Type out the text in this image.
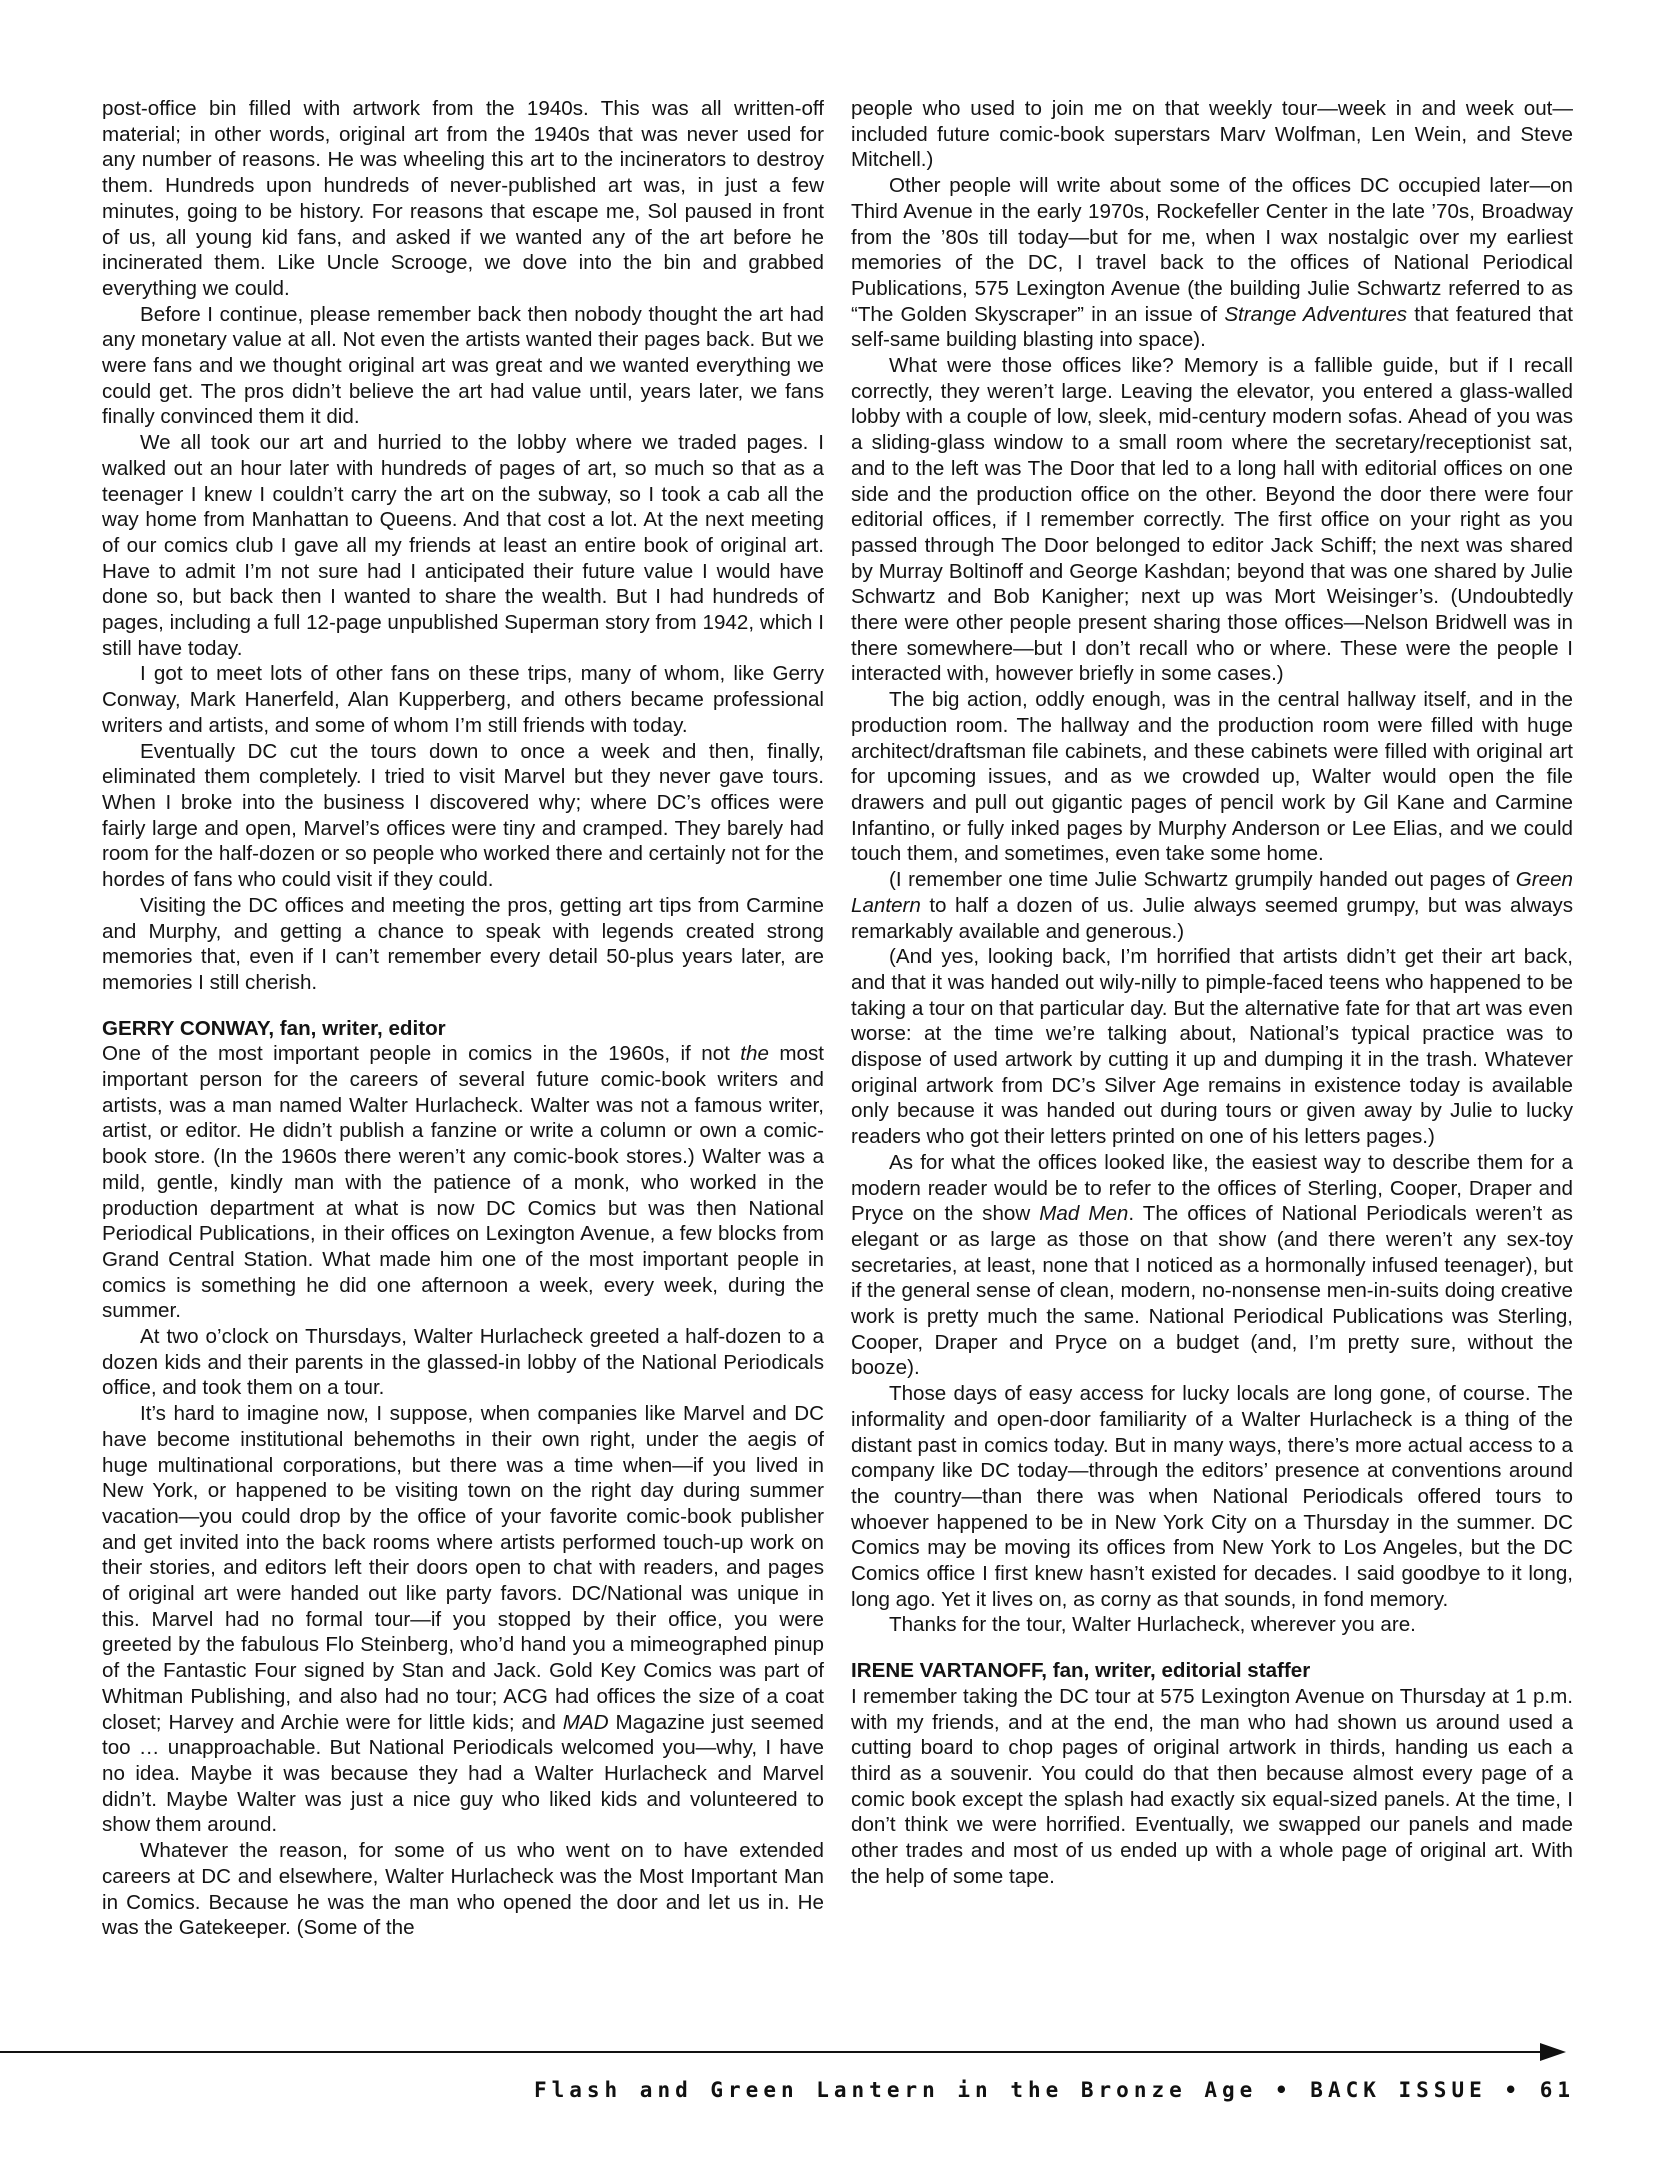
post-office bin filled with artwork from the 1940s. This was all written-off material; in other words, original art from the 1940s that was never used for any number of reasons. He was wheeling this art to the incinerators to destroy them. Hundreds upon hundreds of never-published art was, in just a few minutes, going to be history. For reasons that escape me, Sol paused in front of us, all young kid fans, and asked if we wanted any of the art before he incinerated them. Like Uncle Scrooge, we dove into the bin and grabbed everything we could.

Before I continue, please remember back then nobody thought the art had any monetary value at all. Not even the artists wanted their pages back. But we were fans and we thought original art was great and we wanted everything we could get. The pros didn’t believe the art had value until, years later, we fans finally convinced them it did.

We all took our art and hurried to the lobby where we traded pages. I walked out an hour later with hundreds of pages of art, so much so that as a teenager I knew I couldn’t carry the art on the subway, so I took a cab all the way home from Manhattan to Queens. And that cost a lot. At the next meeting of our comics club I gave all my friends at least an entire book of original art. Have to admit I’m not sure had I anticipated their future value I would have done so, but back then I wanted to share the wealth. But I had hundreds of pages, including a full 12-page unpublished Superman story from 1942, which I still have today.

I got to meet lots of other fans on these trips, many of whom, like Gerry Conway, Mark Hanerfeld, Alan Kupperberg, and others became professional writers and artists, and some of whom I’m still friends with today.

Eventually DC cut the tours down to once a week and then, finally, eliminated them completely. I tried to visit Marvel but they never gave tours. When I broke into the business I discovered why; where DC’s offices were fairly large and open, Marvel’s offices were tiny and cramped. They barely had room for the half-dozen or so people who worked there and certainly not for the hordes of fans who could visit if they could.

Visiting the DC offices and meeting the pros, getting art tips from Carmine and Murphy, and getting a chance to speak with legends created strong memories that, even if I can’t remember every detail 50-plus years later, are memories I still cherish.

GERRY CONWAY, fan, writer, editor

One of the most important people in comics in the 1960s, if not the most important person for the careers of several future comic-book writers and artists, was a man named Walter Hurlacheck. Walter was not a famous writer, artist, or editor. He didn’t publish a fanzine or write a column or own a comic-book store. (In the 1960s there weren’t any comic-book stores.) Walter was a mild, gentle, kindly man with the patience of a monk, who worked in the production department at what is now DC Comics but was then National Periodical Publications, in their offices on Lexington Avenue, a few blocks from Grand Central Station. What made him one of the most important people in comics is something he did one afternoon a week, every week, during the summer.

At two o’clock on Thursdays, Walter Hurlacheck greeted a half-dozen to a dozen kids and their parents in the glassed-in lobby of the National Periodicals office, and took them on a tour.

It’s hard to imagine now, I suppose, when companies like Marvel and DC have become institutional behemoths in their own right, under the aegis of huge multinational corporations, but there was a time when—if you lived in New York, or happened to be visiting town on the right day during summer vacation—you could drop by the office of your favorite comic-book publisher and get invited into the back rooms where artists performed touch-up work on their stories, and editors left their doors open to chat with readers, and pages of original art were handed out like party favors. DC/National was unique in this. Marvel had no formal tour—if you stopped by their office, you were greeted by the fabulous Flo Steinberg, who’d hand you a mimeographed pinup of the Fantastic Four signed by Stan and Jack. Gold Key Comics was part of Whitman Publishing, and also had no tour; ACG had offices the size of a coat closet; Harvey and Archie were for little kids; and MAD Magazine just seemed too … unapproachable. But National Periodicals welcomed you—why, I have no idea. Maybe it was because they had a Walter Hurlacheck and Marvel didn’t. Maybe Walter was just a nice guy who liked kids and volunteered to show them around.

Whatever the reason, for some of us who went on to have extended careers at DC and elsewhere, Walter Hurlacheck was the Most Important Man in Comics. Because he was the man who opened the door and let us in. He was the Gatekeeper. (Some of the

people who used to join me on that weekly tour—week in and week out—included future comic-book superstars Marv Wolfman, Len Wein, and Steve Mitchell.)

Other people will write about some of the offices DC occupied later—on Third Avenue in the early 1970s, Rockefeller Center in the late ’70s, Broadway from the ’80s till today—but for me, when I wax nostalgic over my earliest memories of the DC, I travel back to the offices of National Periodical Publications, 575 Lexington Avenue (the building Julie Schwartz referred to as “The Golden Skyscraper” in an issue of Strange Adventures that featured that self-same building blasting into space).

What were those offices like? Memory is a fallible guide, but if I recall correctly, they weren’t large. Leaving the elevator, you entered a glass-walled lobby with a couple of low, sleek, mid-century modern sofas. Ahead of you was a sliding-glass window to a small room where the secretary/receptionist sat, and to the left was The Door that led to a long hall with editorial offices on one side and the production office on the other. Beyond the door there were four editorial offices, if I remember correctly. The first office on your right as you passed through The Door belonged to editor Jack Schiff; the next was shared by Murray Boltinoff and George Kashdan; beyond that was one shared by Julie Schwartz and Bob Kanigher; next up was Mort Weisinger’s. (Undoubtedly there were other people present sharing those offices—Nelson Bridwell was in there somewhere—but I don’t recall who or where. These were the people I interacted with, however briefly in some cases.)

The big action, oddly enough, was in the central hallway itself, and in the production room. The hallway and the production room were filled with huge architect/draftsman file cabinets, and these cabinets were filled with original art for upcoming issues, and as we crowded up, Walter would open the file drawers and pull out gigantic pages of pencil work by Gil Kane and Carmine Infantino, or fully inked pages by Murphy Anderson or Lee Elias, and we could touch them, and sometimes, even take some home.

(I remember one time Julie Schwartz grumpily handed out pages of Green Lantern to half a dozen of us. Julie always seemed grumpy, but was always remarkably available and generous.)

(And yes, looking back, I’m horrified that artists didn’t get their art back, and that it was handed out wily-nilly to pimple-faced teens who happened to be taking a tour on that particular day. But the alternative fate for that art was even worse: at the time we’re talking about, National’s typical practice was to dispose of used artwork by cutting it up and dumping it in the trash. Whatever original artwork from DC’s Silver Age remains in existence today is available only because it was handed out during tours or given away by Julie to lucky readers who got their letters printed on one of his letters pages.)

As for what the offices looked like, the easiest way to describe them for a modern reader would be to refer to the offices of Sterling, Cooper, Draper and Pryce on the show Mad Men. The offices of National Periodicals weren’t as elegant or as large as those on that show (and there weren’t any sex-toy secretaries, at least, none that I noticed as a hormonally infused teenager), but if the general sense of clean, modern, no-nonsense men-in-suits doing creative work is pretty much the same. National Periodical Publications was Sterling, Cooper, Draper and Pryce on a budget (and, I’m pretty sure, without the booze).

Those days of easy access for lucky locals are long gone, of course. The informality and open-door familiarity of a Walter Hurlacheck is a thing of the distant past in comics today. But in many ways, there’s more actual access to a company like DC today—through the editors’ presence at conventions around the country—than there was when National Periodicals offered tours to whoever happened to be in New York City on a Thursday in the summer. DC Comics may be moving its offices from New York to Los Angeles, but the DC Comics office I first knew hasn’t existed for decades. I said goodbye to it long, long ago. Yet it lives on, as corny as that sounds, in fond memory.

Thanks for the tour, Walter Hurlacheck, wherever you are.

IRENE VARTANOFF, fan, writer, editorial staffer

I remember taking the DC tour at 575 Lexington Avenue on Thursday at 1 p.m. with my friends, and at the end, the man who had shown us around used a cutting board to chop pages of original artwork in thirds, handing us each a third as a souvenir. You could do that then because almost every page of a comic book except the splash had exactly six equal-sized panels. At the time, I don’t think we were horrified. Eventually, we swapped our panels and made other trades and most of us ended up with a whole page of original art. With the help of some tape.

Flash and Green Lantern in the Bronze Age • BACK ISSUE • 61
